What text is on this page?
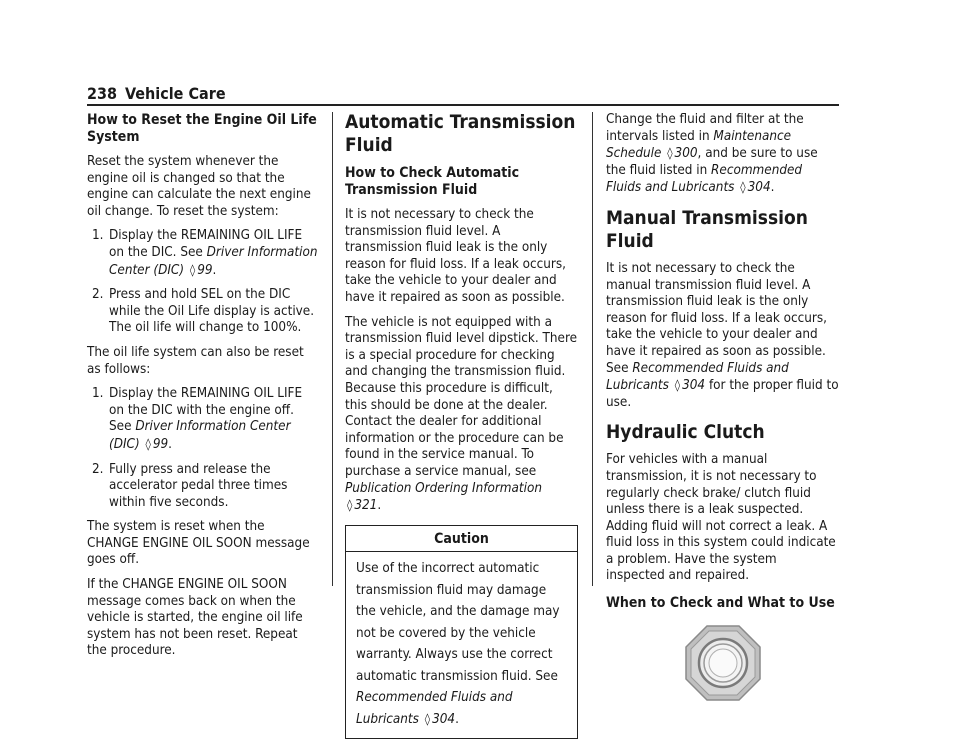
238 Vehicle Care
How to Reset the Engine Oil Life System

Reset the system whenever the engine oil is changed so that the engine can calculate the next engine oil change. To reset the system:

1. Display the REMAINING OIL LIFE on the DIC. See Driver Information Center (DIC) ◊ 99.
2. Press and hold SEL on the DIC while the Oil Life display is active. The oil life will change to 100%.

The oil life system can also be reset as follows:

1. Display the REMAINING OIL LIFE on the DIC with the engine off. See Driver Information Center (DIC) ◊ 99.
2. Fully press and release the accelerator pedal three times within five seconds.

The system is reset when the CHANGE ENGINE OIL SOON message goes off.

If the CHANGE ENGINE OIL SOON message comes back on when the vehicle is started, the engine oil life system has not been reset. Repeat the procedure.

Automatic Transmission Fluid
How to Check Automatic Transmission Fluid

It is not necessary to check the transmission fluid level. A transmission fluid leak is the only reason for fluid loss. If a leak occurs, take the vehicle to your dealer and have it repaired as soon as possible.

The vehicle is not equipped with a transmission fluid level dipstick. There is a special procedure for checking and changing the transmission fluid. Because this procedure is difficult, this should be done at the dealer. Contact the dealer for additional information or the procedure can be found in the service manual. To purchase a service manual, see Publication Ordering Information ◊ 321.

Caution
Use of the incorrect automatic transmission fluid may damage the vehicle, and the damage may not be covered by the vehicle warranty. Always use the correct automatic transmission fluid. See Recommended Fluids and Lubricants ◊ 304.

Change the fluid and filter at the intervals listed in Maintenance Schedule ◊ 300, and be sure to use the fluid listed in Recommended Fluids and Lubricants ◊ 304.

Manual Transmission Fluid

It is not necessary to check the manual transmission fluid level. A transmission fluid leak is the only reason for fluid loss. If a leak occurs, take the vehicle to your dealer and have it repaired as soon as possible. See Recommended Fluids and Lubricants ◊ 304 for the proper fluid to use.

Hydraulic Clutch

For vehicles with a manual transmission, it is not necessary to regularly check brake/ clutch fluid unless there is a leak suspected. Adding fluid will not correct a leak. A fluid loss in this system could indicate a problem. Have the system inspected and repaired.

When to Check and What to Use
